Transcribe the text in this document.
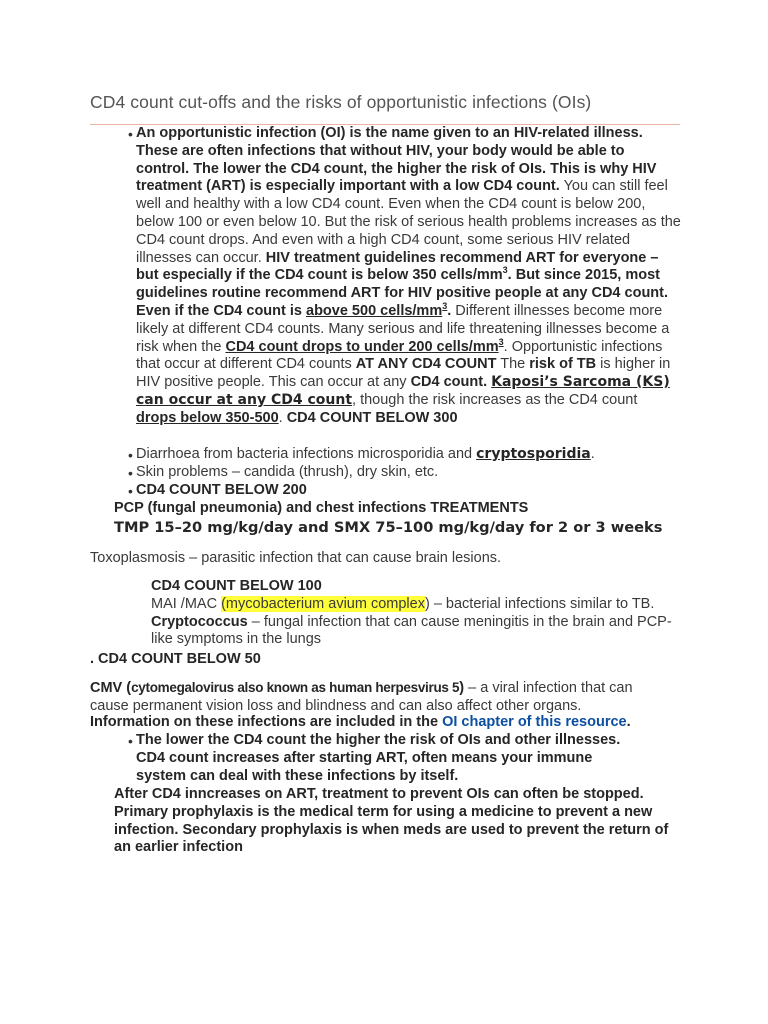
CD4 count cut-offs and the risks of opportunistic infections (OIs)
• An opportunistic infection (OI) is the name given to an HIV-related illness. These are often infections that without HIV, your body would be able to control. The lower the CD4 count, the higher the risk of OIs. This is why HIV treatment (ART) is especially important with a low CD4 count. You can still feel well and healthy with a low CD4 count. Even when the CD4 count is below 200, below 100 or even below 10. But the risk of serious health problems increases as the CD4 count drops. And even with a high CD4 count, some serious HIV related illnesses can occur. HIV treatment guidelines recommend ART for everyone – but especially if the CD4 count is below 350 cells/$mm^3$. But since 2015, most guidelines routine recommend ART for HIV positive people at any CD4 count. Even if the CD4 count is above 500 cells/$mm^3$. Different illnesses become more likely at different CD4 counts. Many serious and life threatening illnesses become a risk when the CD4 count drops to under 200 cells/$mm^3$. Opportunistic infections that occur at different CD4 counts AT ANY CD4 COUNT The risk of TB is higher in HIV positive people. This can occur at any CD4 count. Kaposi’s Sarcoma (KS) can occur at any CD4 count, though the risk increases as the CD4 count drops below 350-500. CD4 COUNT BELOW 300
• Diarrhoea from bacteria infections microsporidia and cryptosporidia.
• Skin problems – candida (thrush), dry skin, etc.
• CD4 COUNT BELOW 200
PCP (fungal pneumonia) and chest infections TREATMENTS
TMP 15–20 mg/kg/day and SMX 75–100 mg/kg/day for 2 or 3 weeks
Toxoplasmosis – parasitic infection that can cause brain lesions.
CD4 COUNT BELOW 100
MAI /MAC (mycobacterium avium complex) – bacterial infections similar to TB.
Cryptococcus – fungal infection that can cause meningitis in the brain and PCP-like symptoms in the lungs
. CD4 COUNT BELOW 50
CMV (cytomegalovirus also known as human herpesvirus 5) – a viral infection that can cause permanent vision loss and blindness and can also affect other organs.
Information on these infections are included in the OI chapter of this resource.
• The lower the CD4 count the higher the risk of OIs and other illnesses. CD4 count increases after starting ART, often means your immune system can deal with these infections by itself.
After CD4 inncreases on ART, treatment to prevent OIs can often be stopped. Primary prophylaxis is the medical term for using a medicine to prevent a new infection. Secondary prophylaxis is when meds are used to prevent the return of an earlier infection
